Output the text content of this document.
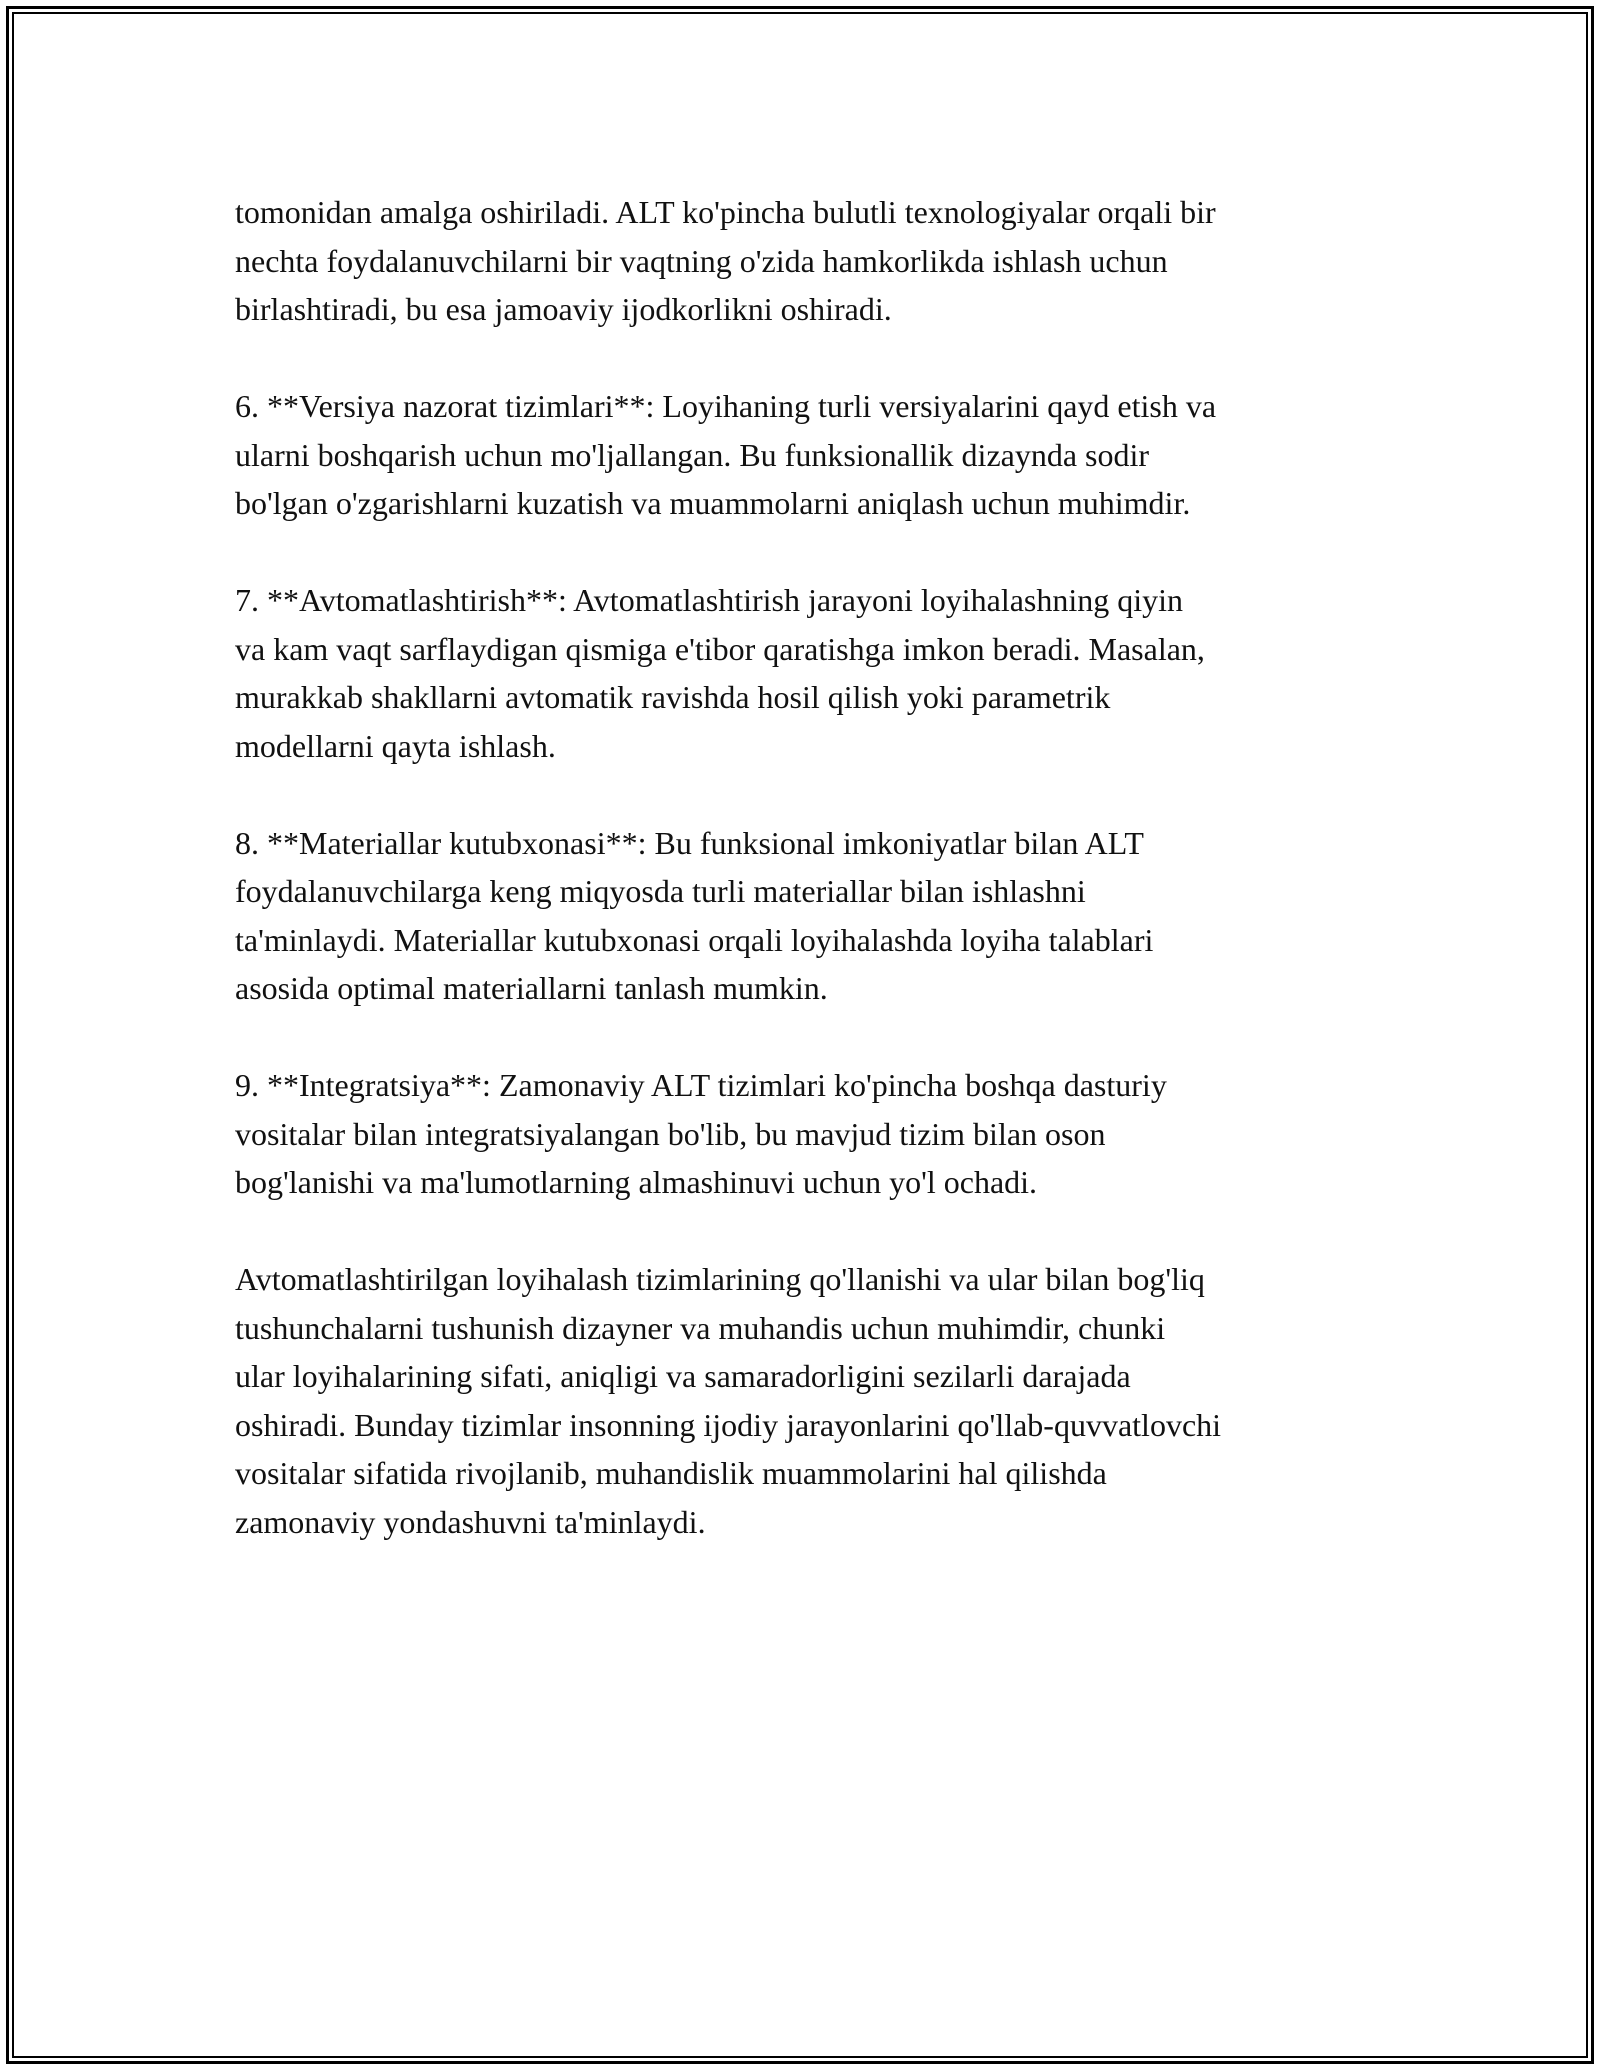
tomonidan amalga oshiriladi. ALT ko'pincha bulutli texnologiyalar orqali bir
nechta foydalanuvchilarni bir vaqtning o'zida hamkorlikda ishlash uchun
birlashtiradi, bu esa jamoaviy ijodkorlikni oshiradi.

6. **Versiya nazorat tizimlari**: Loyihaning turli versiyalarini qayd etish va
ularni boshqarish uchun mo'ljallangan. Bu funksionallik dizaynda sodir
bo'lgan o'zgarishlarni kuzatish va muammolarni aniqlash uchun muhimdir.

7. **Avtomatlashtirish**: Avtomatlashtirish jarayoni loyihalashning qiyin
va kam vaqt sarflaydigan qismiga e'tibor qaratishga imkon beradi. Masalan,
murakkab shakllarni avtomatik ravishda hosil qilish yoki parametrik
modellarni qayta ishlash.

8. **Materiallar kutubxonasi**: Bu funksional imkoniyatlar bilan ALT
foydalanuvchilarga keng miqyosda turli materiallar bilan ishlashni
ta'minlaydi. Materiallar kutubxonasi orqali loyihalashda loyiha talablari
asosida optimal materiallarni tanlash mumkin.

9. **Integratsiya**: Zamonaviy ALT tizimlari ko'pincha boshqa dasturiy
vositalar bilan integratsiyalangan bo'lib, bu mavjud tizim bilan oson
bog'lanishi va ma'lumotlarning almashinuvi uchun yo'l ochadi.

Avtomatlashtirilgan loyihalash tizimlarining qo'llanishi va ular bilan bog'liq
tushunchalarni tushunish dizayner va muhandis uchun muhimdir, chunki
ular loyihalarining sifati, aniqligi va samaradorligini sezilarli darajada
oshiradi. Bunday tizimlar insonning ijodiy jarayonlarini qo'llab-quvvatlovchi
vositalar sifatida rivojlanib, muhandislik muammolarini hal qilishda
zamonaviy yondashuvni ta'minlaydi.
